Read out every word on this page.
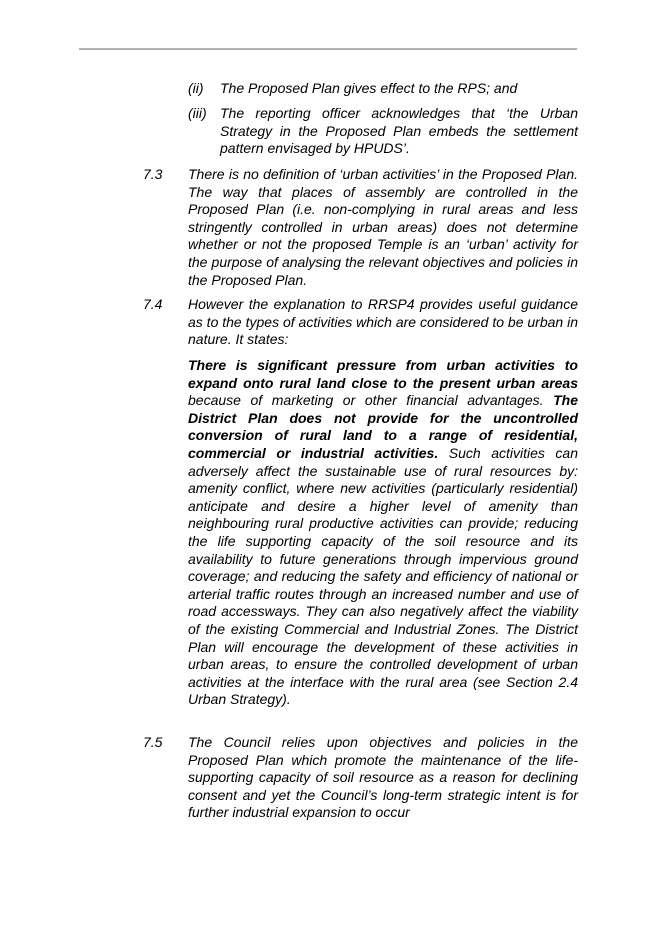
(ii)	The Proposed Plan gives effect to the RPS; and
(iii) The reporting officer acknowledges that ‘the Urban Strategy in the Proposed Plan embeds the settlement pattern envisaged by HPUDS’.
7.3	There is no definition of ‘urban activities’ in the Proposed Plan. The way that places of assembly are controlled in the Proposed Plan (i.e. non-complying in rural areas and less stringently controlled in urban areas) does not determine whether or not the proposed Temple is an ‘urban’ activity for the purpose of analysing the relevant objectives and policies in the Proposed Plan.
7.4	However the explanation to RRSP4 provides useful guidance as to the types of activities which are considered to be urban in nature. It states:
There is significant pressure from urban activities to expand onto rural land close to the present urban areas because of marketing or other financial advantages. The District Plan does not provide for the uncontrolled conversion of rural land to a range of residential, commercial or industrial activities. Such activities can adversely affect the sustainable use of rural resources by: amenity conflict, where new activities (particularly residential) anticipate and desire a higher level of amenity than neighbouring rural productive activities can provide; reducing the life supporting capacity of the soil resource and its availability to future generations through impervious ground coverage; and reducing the safety and efficiency of national or arterial traffic routes through an increased number and use of road accessways. They can also negatively affect the viability of the existing Commercial and Industrial Zones. The District Plan will encourage the development of these activities in urban areas, to ensure the controlled development of urban activities at the interface with the rural area (see Section 2.4 Urban Strategy).
7.5	The Council relies upon objectives and policies in the Proposed Plan which promote the maintenance of the life-supporting capacity of soil resource as a reason for declining consent and yet the Council’s long-term strategic intent is for further industrial expansion to occur
